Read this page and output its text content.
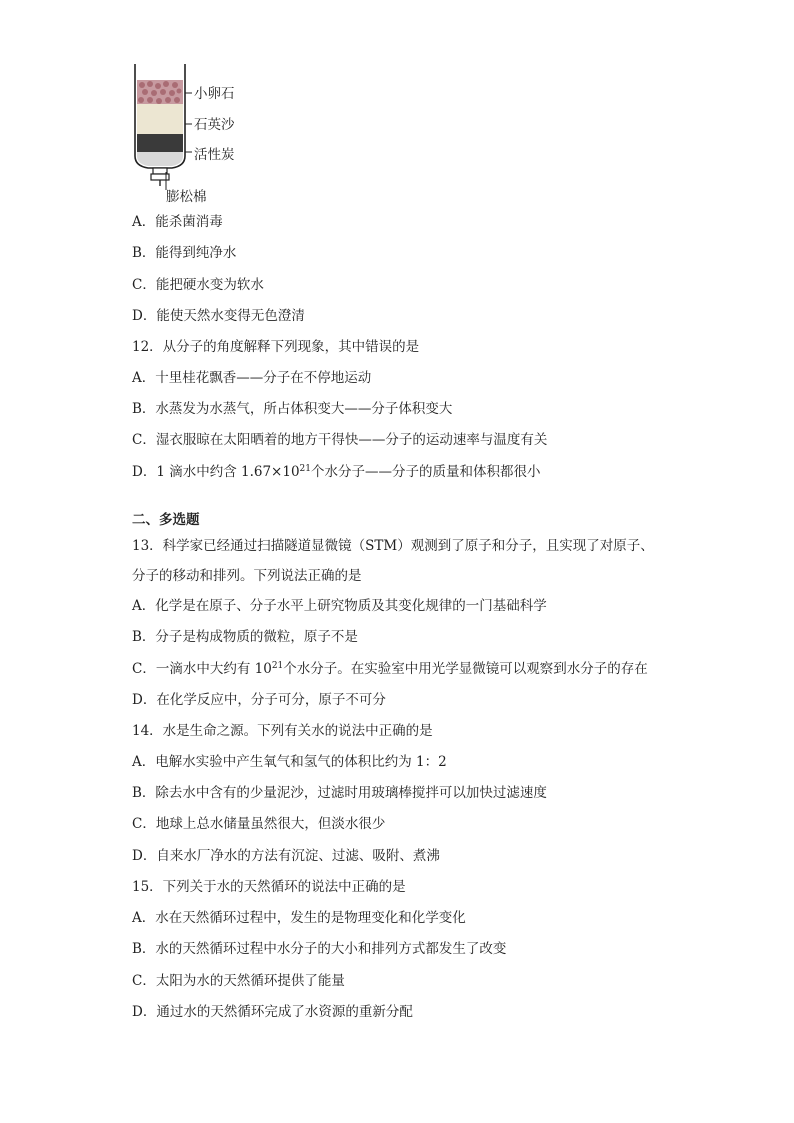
小卵石
石英沙
活性炭
膨松棉
A．能杀菌消毒
B．能得到纯净水
C．能把硬水变为软水
D．能使天然水变得无色澄清
12．从分子的角度解释下列现象，其中错误的是
A．十里桂花飘香——分子在不停地运动
B．水蒸发为水蒸气，所占体积变大——分子体积变大
C．湿衣服晾在太阳晒着的地方干得快——分子的运动速率与温度有关
D．1 滴水中约含 $1.67\times 10^{21}$个水分子——分子的质量和体积都很小
二、多选题
13．科学家已经通过扫描隧道显微镜（STM）观测到了原子和分子，且实现了对原子、
分子的移动和排列。下列说法正确的是
A．化学是在原子、分子水平上研究物质及其变化规律的一门基础科学
B．分子是构成物质的微粒，原子不是
C．一滴水中大约有 $10^{21}$个水分子。在实验室中用光学显微镜可以观察到水分子的存在
D．在化学反应中，分子可分，原子不可分
14．水是生命之源。下列有关水的说法中正确的是
A．电解水实验中产生氧气和氢气的体积比约为 1：2
B．除去水中含有的少量泥沙，过滤时用玻璃棒搅拌可以加快过滤速度
C．地球上总水储量虽然很大，但淡水很少
D．自来水厂净水的方法有沉淀、过滤、吸附、煮沸
15．下列关于水的天然循环的说法中正确的是
A．水在天然循环过程中，发生的是物理变化和化学变化
B．水的天然循环过程中水分子的大小和排列方式都发生了改变
C．太阳为水的天然循环提供了能量
D．通过水的天然循环完成了水资源的重新分配
